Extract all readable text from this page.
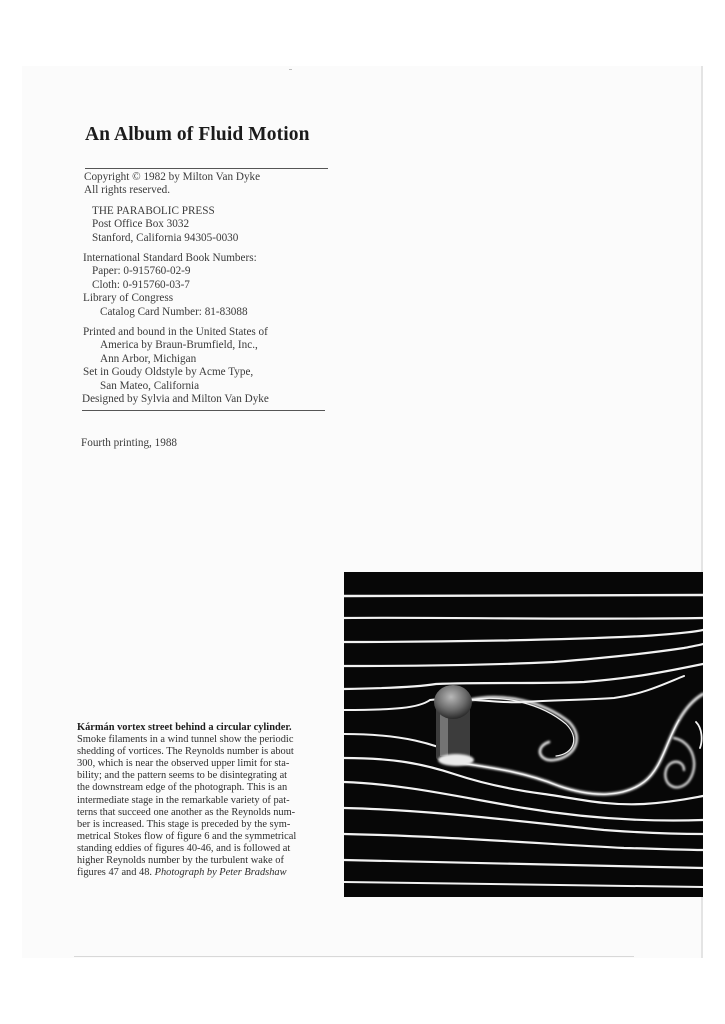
An Album of Fluid Motion
Copyright © 1982 by Milton Van Dyke
All rights reserved.
THE PARABOLIC PRESS
Post Office Box 3032
Stanford, California 94305-0030
International Standard Book Numbers:
Paper: 0-915760-02-9
Cloth: 0-915760-03-7
Library of Congress
Catalog Card Number: 81-83088
Printed and bound in the United States of
America by Braun-Brumfield, Inc.,
Ann Arbor, Michigan
Set in Goudy Oldstyle by Acme Type,
San Mateo, California
Designed by Sylvia and Milton Van Dyke
Fourth printing, 1988
Kármán vortex street behind a circular cylinder.
Smoke filaments in a wind tunnel show the periodic
shedding of vortices. The Reynolds number is about
300, which is near the observed upper limit for sta-
bility; and the pattern seems to be disintegrating at
the downstream edge of the photograph. This is an
intermediate stage in the remarkable variety of pat-
terns that succeed one another as the Reynolds num-
ber is increased. This stage is preceded by the sym-
metrical Stokes flow of figure 6 and the symmetrical
standing eddies of figures 40-46, and is followed at
higher Reynolds number by the turbulent wake of
figures 47 and 48. Photograph by Peter Bradshaw
